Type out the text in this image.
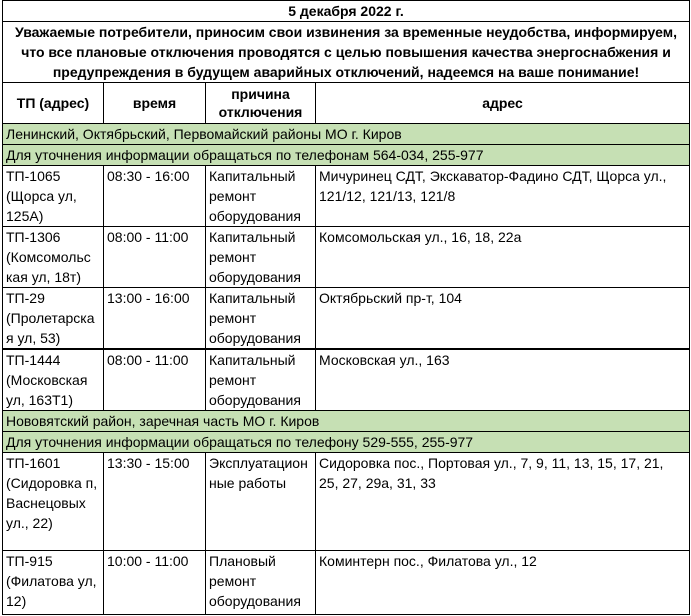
5 декабря 2022 г.			
Уважаемые потребители, приносим свои извинения за временные неудобства, информируем, что все плановые отключения проводятся с целью повышения качества энергоснабжения и предупреждения в будущем аварийных отключений, надеемся на ваше понимание!			
ТП (адрес)	время	причина отключения	адрес
Ленинский, Октябрьский, Первомайский районы МО г. Киров			
Для уточнения информации обращаться по телефонам 564-034, 255-977			
ТП-1065 (Щорса ул, 125А)	08:30 - 16:00	Капитальный ремонт оборудования	Мичуринец СДТ, Экскаватор-Фадино СДТ, Щорса ул., 121/12, 121/13, 121/8
ТП-1306 (Комсомольс кая ул, 18т)	08:00 - 11:00	Капитальный ремонт оборудования	Комсомольская ул., 16, 18, 22а
ТП-29 (Пролетарска я ул, 53)	13:00 - 16:00	Капитальный ремонт оборудования	Октябрьский пр-т, 104
ТП-1444 (Московская ул, 163Т1)	08:00 - 11:00	Капитальный ремонт оборудования	Московская ул., 163
Нововятский район, заречная часть МО г. Киров			
Для уточнения информации обращаться по телефону 529-555, 255-977			
ТП-1601 (Сидоровка п, Васнецовых ул., 22)	13:30 - 15:00	Эксплуатацион ные работы	Сидоровка пос., Портовая ул., 7, 9, 11, 13, 15, 17, 21, 25, 27, 29а, 31, 33
ТП-915 (Филатова ул, 12)	10:00 - 11:00	Плановый ремонт оборудования	Коминтерн пос., Филатова ул., 12
